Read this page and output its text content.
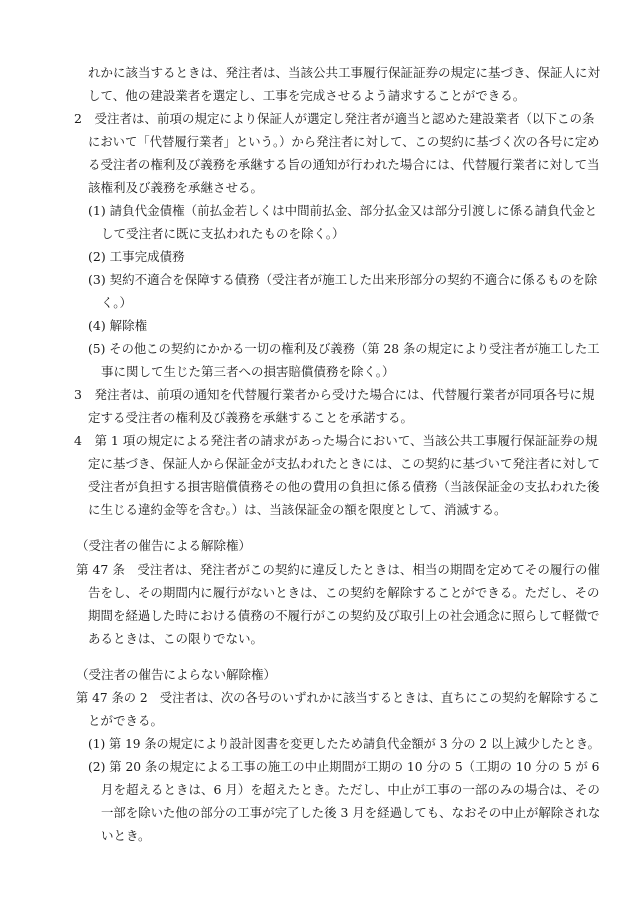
れかに該当するときは、発注者は、当該公共工事履行保証証券の規定に基づき、保証人に対
して、他の建設業者を選定し、工事を完成させるよう請求することができる。
2　受注者は、前項の規定により保証人が選定し発注者が適当と認めた建設業者（以下この条
において「代替履行業者」という。）から発注者に対して、この契約に基づく次の各号に定め
る受注者の権利及び義務を承継する旨の通知が行われた場合には、代替履行業者に対して当
該権利及び義務を承継させる。
(1) 請負代金債権（前払金若しくは中間前払金、部分払金又は部分引渡しに係る請負代金と
して受注者に既に支払われたものを除く。）
(2) 工事完成債務
(3) 契約不適合を保障する債務（受注者が施工した出来形部分の契約不適合に係るものを除
く。）
(4) 解除権
(5) その他この契約にかかる一切の権利及び義務（第 28 条の規定により受注者が施工した工
事に関して生じた第三者への損害賠償債務を除く。）
3　発注者は、前項の通知を代替履行業者から受けた場合には、代替履行業者が同項各号に規
定する受注者の権利及び義務を承継することを承諾する。
4　第 1 項の規定による発注者の請求があった場合において、当該公共工事履行保証証券の規
定に基づき、保証人から保証金が支払われたときには、この契約に基づいて発注者に対して
受注者が負担する損害賠償債務その他の費用の負担に係る債務（当該保証金の支払われた後
に生じる違約金等を含む。）は、当該保証金の額を限度として、消滅する。
（受注者の催告による解除権）
第 47 条　受注者は、発注者がこの契約に違反したときは、相当の期間を定めてその履行の催
告をし、その期間内に履行がないときは、この契約を解除することができる。ただし、その
期間を経過した時における債務の不履行がこの契約及び取引上の社会通念に照らして軽微で
あるときは、この限りでない。
（受注者の催告によらない解除権）
第 47 条の 2　受注者は、次の各号のいずれかに該当するときは、直ちにこの契約を解除するこ
とができる。
(1) 第 19 条の規定により設計図書を変更したため請負代金額が 3 分の 2 以上減少したとき。
(2) 第 20 条の規定による工事の施工の中止期間が工期の 10 分の 5（工期の 10 分の 5 が 6
月を超えるときは、6 月）を超えたとき。ただし、中止が工事の一部のみの場合は、その
一部を除いた他の部分の工事が完了した後 3 月を経過しても、なおその中止が解除されな
いとき。
